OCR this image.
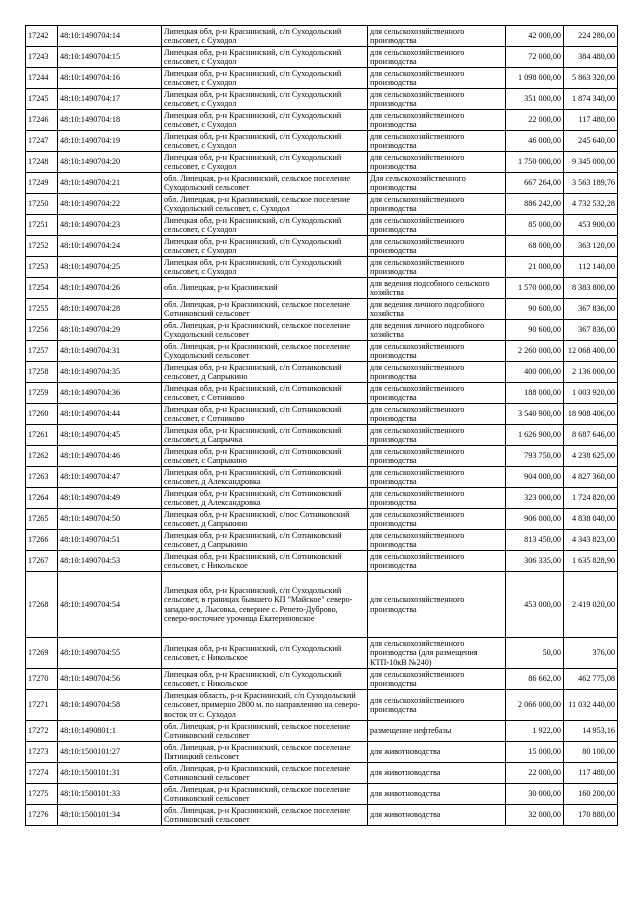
17242	48:10:1490704:14	Липецкая обл, р-н Краснинский, с/п Суходольский сельсовет, с Суходол	для сельскохозяйственного производства	42 000,00	224 280,00
17243	48:10:1490704:15	Липецкая обл, р-н Краснинский, с/п Суходольский сельсовет, с Суходол	для сельскохозяйственного производства	72 000,00	384 480,00
17244	48:10:1490704:16	Липецкая обл, р-н Краснинский, с/п Суходольский сельсовет, с Суходол	для сельскохозяйственного производства	1 098 000,00	5 863 320,00
17245	48:10:1490704:17	Липецкая обл, р-н Краснинский, с/п Суходольский сельсовет, с Суходол	для сельскохозяйственного производства	351 000,00	1 874 340,00
17246	48:10:1490704:18	Липецкая обл, р-н Краснинский, с/п Суходольский сельсовет, с Суходол	для сельскохозяйственного производства	22 000,00	117 480,00
17247	48:10:1490704:19	Липецкая обл, р-н Краснинский, с/п Суходольский сельсовет, с Суходол	для сельскохозяйственного производства	46 000,00	245 640,00
17248	48:10:1490704:20	Липецкая обл, р-н Краснинский, с/п Суходольский сельсовет, с Суходол	для сельскохозяйственного производства	1 750 000,00	9 345 000,00
17249	48:10:1490704:21	обл. Липецкая, р-н Краснинский, сельское поселение Суходольский сельсовет	Для сельскохозяйственного производства	667 264,00	3 563 189,76
17250	48:10:1490704:22	обл. Липецкая, р-н Краснинский, сельское поселение Суходольский сельсовет, с. Суходол	для сельскохозяйственного производства	886 242,00	4 732 532,28
17251	48:10:1490704:23	Липецкая обл, р-н Краснинский, с/п Суходольский сельсовет, с Суходол	для сельскохозяйственного производства	85 000,00	453 900,00
17252	48:10:1490704:24	Липецкая обл, р-н Краснинский, с/п Суходольский сельсовет, с Суходол	для сельскохозяйственного производства	68 000,00	363 120,00
17253	48:10:1490704:25	Липецкая обл, р-н Краснинский, с/п Суходольский сельсовет, с Суходол	для сельскохозяйственного производства	21 000,00	112 140,00
17254	48:10:1490704:26	обл. Липецкая, р-н Краснинский	для ведения подсобного сельского хозяйства	1 570 000,00	8 383 800,00
17255	48:10:1490704:28	обл. Липецкая, р-н Краснинский, сельское поселение Сотниковский сельсовет	для ведения личного подсобного хозяйства	90 600,00	367 836,00
17256	48:10:1490704:29	обл. Липецкая, р-н Краснинский, сельское поселение Суходольский сельсовет	для ведения личного подсобного хозяйства	90 600,00	367 836,00
17257	48:10:1490704:31	обл. Липецкая, р-н Краснинский, сельское поселение Суходольский сельсовет	для сельскохозяйственного производства	2 260 000,00	12 068 400,00
17258	48:10:1490704:35	Липецкая обл, р-н Краснинский, с/п Сотниковский сельсовет, д Сапрыкино	для сельскохозяйственного производства	400 000,00	2 136 000,00
17259	48:10:1490704:36	Липецкая обл, р-н Краснинский, с/п Сотниковский сельсовет, с Сотниково	для сельскохозяйственного производства	188 000,00	1 003 920,00
17260	48:10:1490704:44	Липецкая обл, р-н Краснинский, с/п Сотниковский сельсовет, с Сотниково	для сельскохозяйственного производства	3 540 900,00	18 908 406,00
17261	48:10:1490704:45	Липецкая обл, р-н Краснинский, с/п Сотниковский сельсовет, д Сапрычка	для сельскохозяйственного производства	1 626 900,00	8 687 646,00
17262	48:10:1490704:46	Липецкая обл, р-н Краснинский, с/п Сотниковский сельсовет, с Сапрыкино	для сельскохозяйственного производства	793 750,00	4 238 625,00
17263	48:10:1490704:47	Липецкая обл, р-н Краснинский, с/п Сотниковский сельсовет, д Александровка	для сельскохозяйственного производства	904 000,00	4 827 360,00
17264	48:10:1490704:49	Липецкая обл, р-н Краснинский, с/п Сотниковский сельсовет, д Александровка	для сельскохозяйственного производства	323 000,00	1 724 820,00
17265	48:10:1490704:50	Липецкая обл, р-н Краснинский, с/пос Сотниковский сельсовет, д Сапрыкино	для сельскохозяйственного производства	906 000,00	4 838 040,00
17266	48:10:1490704:51	Липецкая обл, р-н Краснинский, с/п Сотниковский сельсовет, д Сапрыкино	для сельскохозяйственного производства	813 450,00	4 343 823,00
17267	48:10:1490704:53	Липецкая обл, р-н Краснинский, с/п Сотниковский сельсовет, с Никольское	для сельскохозяйственного производства	306 335,00	1 635 828,90
17268	48:10:1490704:54	Липецкая обл, р-н Краснинский, с/п Суходольский сельсовет, в границах бывшего КП "Майское" северо-западнее д. Лысовка, севернее с. Репето-Дуброво, северо-восточнее урочища Екатериновское	для сельскохозяйственного производства	453 000,00	2 419 020,00
17269	48:10:1490704:55	Липецкая обл, р-н Краснинский, с/п Суходольский сельсовет, с Никольское	для сельскохозяйственного производства (для размещения КТП-10кВ №240)	50,00	376,00
17270	48:10:1490704:56	Липецкая обл, р-н Краснинский, с/п Суходольский сельсовет, с Никольское	для сельскохозяйственного производства	86 662,00	462 775,08
17271	48:10:1490704:58	Липецкая область, р-н Краснинский, с/п Суходольский сельсовет, примерно 2800 м. по направлению на северо-восток от с. Суходол	для сельскохозяйственного производства	2 066 000,00	11 032 440,00
17272	48:10:1490801:1	обл. Липецкая, р-н Краснинский, сельское поселение Сотниковский сельсовет	размещение нефтебазы	1 922,00	14 953,16
17273	48:10:1500101:27	обл. Липецкая, р-н Краснинский, сельское поселение Пятницкий сельсовет	для животноводства	15 000,00	80 100,00
17274	48:10:1500101:31	обл. Липецкая, р-н Краснинский, сельское поселение Сотниковский сельсовет	для животноводства	22 000,00	117 480,00
17275	48:10:1500101:33	обл. Липецкая, р-н Краснинский, сельское поселение Сотниковский сельсовет	для животноводства	30 000,00	160 200,00
17276	48:10:1500101:34	обл. Липецкая, р-н Краснинский, сельское поселение Сотниковский сельсовет	для животноводства	32 000,00	170 880,00
